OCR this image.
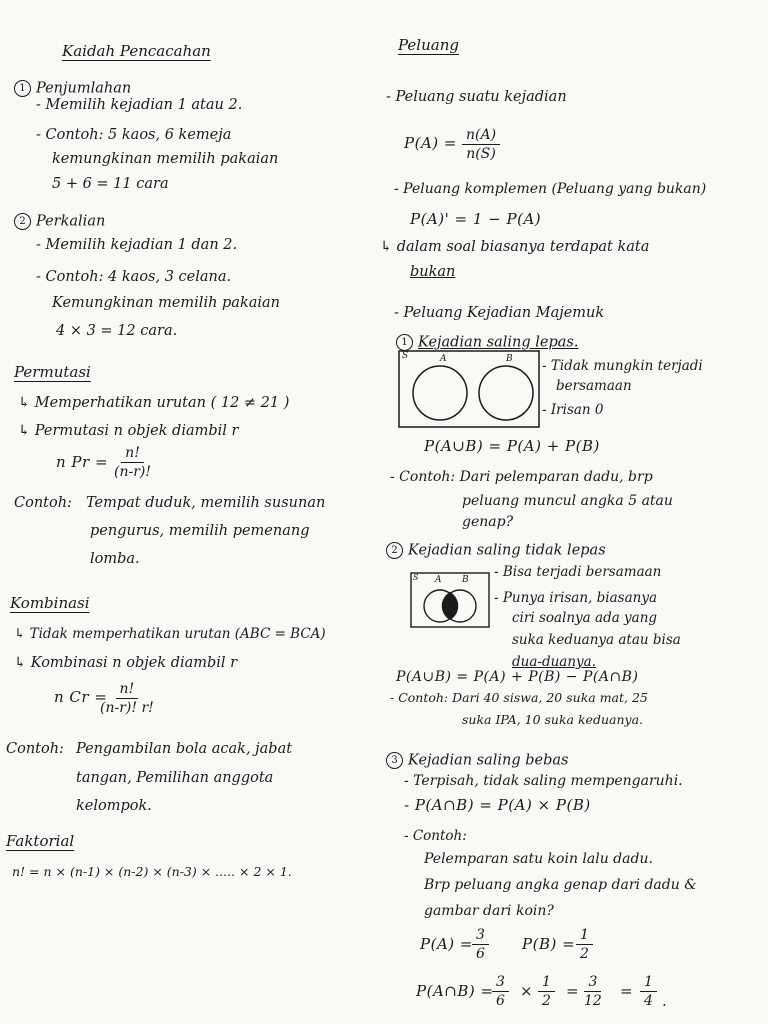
Kaidah Pencacahan
1 Penjumlahan
- Memilih kejadian 1 atau 2.
- Contoh: 5 kaos, 6 kemeja
kemungkinan memilih pakaian
5 + 6 = 11 cara
2 Perkalian
- Memilih kejadian 1 dan 2.
- Contoh: 4 kaos, 3 celana.
Kemungkinan memilih pakaian
4 × 3 = 12 cara.
Permutasi
↳ Memperhatikan urutan ( 12 ≠ 21 )
↳ Permutasi n objek diambil r
n $Pr = \frac{n!}{(n-r)!}$
Contoh: Tempat duduk, memilih susunan
pengurus, memilih pemenang
lomba.
Kombinasi
↳ Tidak memperhatikan urutan (ABC = BCA)
↳ Kombinasi n objek diambil r
n Cr =
$\frac{n!}{(n-r)! r!}$
Contoh: Pengambilan bola acak, jabat
tangan, Pemilihan anggota
kelompok.
Faktorial
n! = n × (n-1) × (n-2) × (n-3) × ..... × 2 × 1.
Peluang
- Peluang suatu kejadian
$P(A) = \frac{n(A)}{n(S)}$
- Peluang komplemen (Peluang yang bukan)
P(A)' = 1 − P(A)
↳ dalam soal biasanya terdapat kata
bukan
- Peluang Kejadian Majemuk
1 Kejadian saling lepas.
S	A	B - Tidak mungkin terjadi
bersamaan
- Irisan 0
P(A∪B) = P(A) + P(B)
- Contoh: Dari pelemparan dadu, brp
peluang muncul angka 5 atau
genap?
2 Kejadian saling tidak lepas
S A B - Bisa terjadi bersamaan
- Punya irisan, biasanya
ciri soalnya ada yang
suka keduanya atau bisa
dua-duanya.
P(A∪B) = P(A) + P(B) − P(A∩B)
- Contoh: Dari 40 siswa, 20 suka mat, 25
suka IPA, 10 suka keduanya.
3 Kejadian saling bebas
- Terpisah, tidak saling mempengaruhi.
- P(A∩B) = P(A) × P(B)
- Contoh:
Pelemparan satu koin lalu dadu.
Brp peluang angka genap dari dadu &
gambar dari koin?
$P(A) = \frac{3}{6} P(B) = \frac{1}{2}$
P(A∩B) =
$\frac{3}{6} \times \frac{1}{2} = \frac{3}{12} = \frac{1}{4}$ .
